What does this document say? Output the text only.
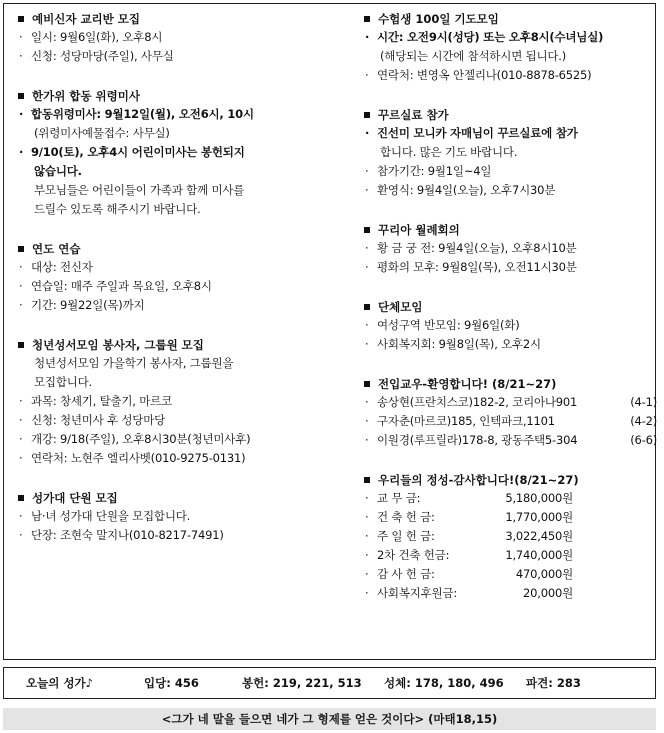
예비신자 교리반 모집
· 일시: 9월6일(화), 오후8시
· 신청: 성당마당(주일), 사무실
한가위 합동 위령미사
· 합동위령미사: 9월12일(월), 오전6시, 10시
(위령미사예물접수: 사무실)
· 9/10(토), 오후4시 어린이미사는 봉헌되지
않습니다.
부모님들은 어린이들이 가족과 함께 미사를
드릴수 있도록 해주시기 바랍니다.
연도 연습
· 대상: 전신자
· 연습일: 매주 주일과 목요일, 오후8시
· 기간: 9월22일(목)까지
청년성서모임 봉사자, 그룹원 모집
청년성서모임 가을학기 봉사자, 그룹원을
모집합니다.
· 과목: 창세기, 탈출기, 마르코
· 신청: 청년미사 후 성당마당
· 개강: 9/18(주일), 오후8시30분(청년미사후)
· 연락처: 노현주 엘리사벳(010-9275-0131)
성가대 단원 모집
· 남·녀 성가대 단원을 모집합니다.
· 단장: 조현숙 말지나(010-8217-7491)
수험생 100일 기도모임
· 시간: 오전9시(성당) 또는 오후8시(수녀님실)
(해당되는 시간에 참석하시면 됩니다.)
· 연락처: 변영옥 안젤리나(010-8878-6525)
꾸르실료 참가
· 진선미 모니카 자매님이 꾸르실료에 참가
합니다. 많은 기도 바랍니다.
· 참가기간: 9월1일~4일
· 환영식: 9월4일(오늘), 오후7시30분
꾸리아 월례회의
· 황 금 궁 전: 9월4일(오늘), 오후8시10분
· 평화의 모후: 9월8일(목), 오전11시30분
단체모임
· 여성구역 반모임: 9월6일(화)
· 사회복지회: 9월8일(목), 오후2시
전입교우-환영합니다! (8/21~27)
· 송상현(프란치스코)182-2, 코리아나901	(4-1)
· 구자춘(마르코)185, 인텍파크,1101	(4-2)
· 이원경(루프릴라)178-8, 광동주택5-304	(6-6)
우리들의 정성-감사합니다!(8/21~27)
· 교 무 금:	5,180,000원
· 건 축 헌 금:	1,770,000원
· 주 일 헌 금:	3,022,450원
· 2차 건축 헌금:	1,740,000원
· 감 사 헌 금:	470,000원
· 사회복지후원금:	20,000원
오늘의 성가♪	입당: 456	봉헌: 219, 221, 513	성체: 178, 180, 496	파견: 283
<그가 네 말을 들으면 네가 그 형제를 얻은 것이다> (마태18,15)
